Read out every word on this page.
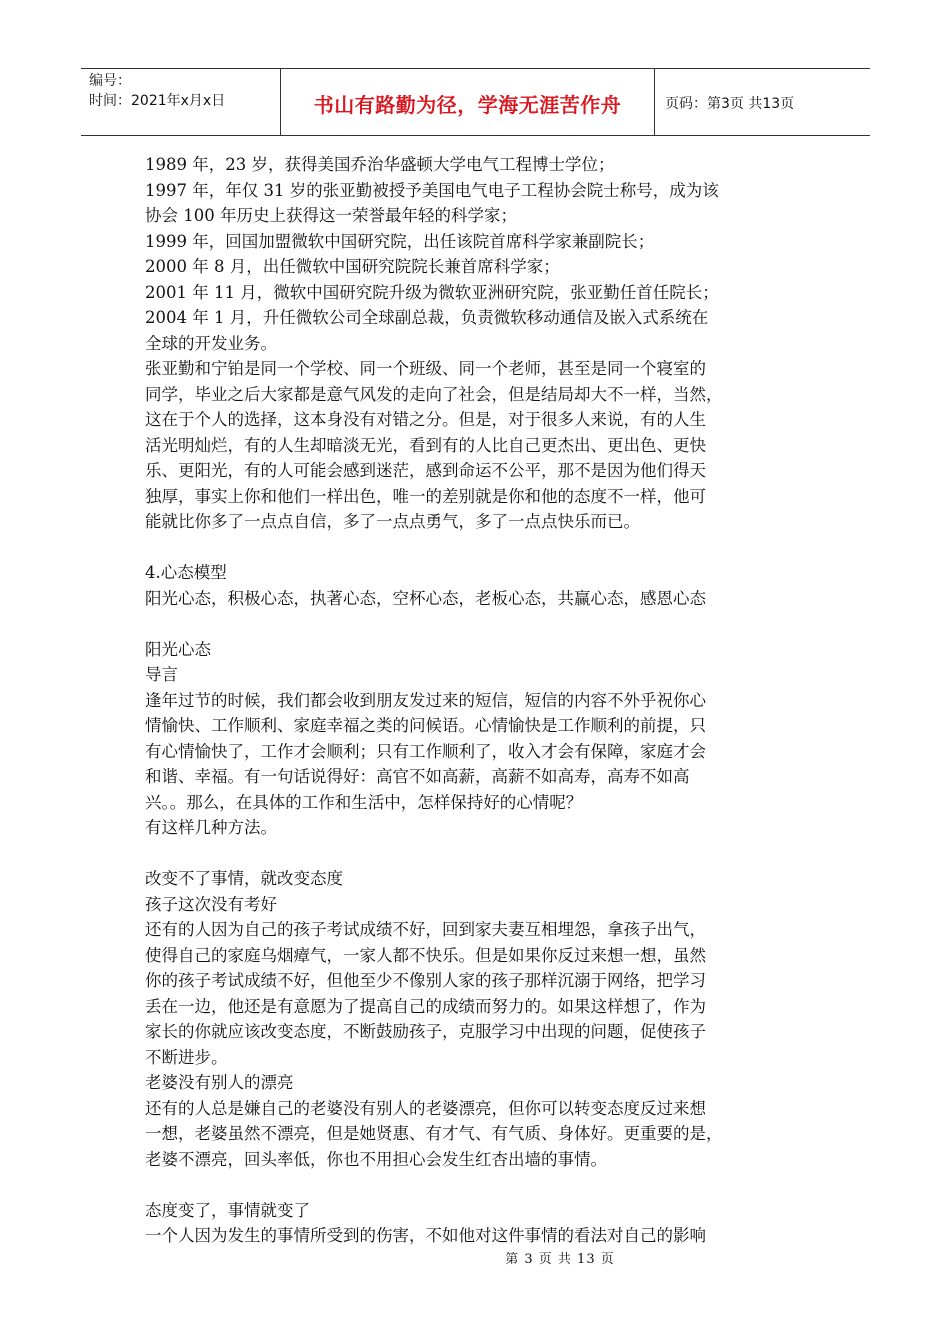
编号：
时间：2021年x月x日	书山有路勤为径，学海无涯苦作舟	页码：第3页 共13页

1989 年，23 岁，获得美国乔治华盛顿大学电气工程博士学位；

1997 年，年仅 31 岁的张亚勤被授予美国电气电子工程协会院士称号，成为该

协会 100 年历史上获得这一荣誉最年轻的科学家；

1999 年，回国加盟微软中国研究院，出任该院首席科学家兼副院长；

2000 年 8 月，出任微软中国研究院院长兼首席科学家；

2001 年 11 月，微软中国研究院升级为微软亚洲研究院，张亚勤任首任院长；

2004 年 1 月，升任微软公司全球副总裁，负责微软移动通信及嵌入式系统在

全球的开发业务。

张亚勤和宁铂是同一个学校、同一个班级、同一个老师，甚至是同一个寝室的

同学，毕业之后大家都是意气风发的走向了社会，但是结局却大不一样，当然，

这在于个人的选择，这本身没有对错之分。但是，对于很多人来说，有的人生

活光明灿烂，有的人生却暗淡无光，看到有的人比自己更杰出、更出色、更快

乐、更阳光，有的人可能会感到迷茫，感到命运不公平，那不是因为他们得天

独厚，事实上你和他们一样出色，唯一的差别就是你和他的态度不一样，他可

能就比你多了一点点自信，多了一点点勇气，多了一点点快乐而已。

4.心态模型

阳光心态，积极心态，执著心态，空杯心态，老板心态，共赢心态，感恩心态

阳光心态

导言

逢年过节的时候，我们都会收到朋友发过来的短信，短信的内容不外乎祝你心

情愉快、工作顺利、家庭幸福之类的问候语。心情愉快是工作顺利的前提，只

有心情愉快了，工作才会顺利；只有工作顺利了，收入才会有保障，家庭才会

和谐、幸福。有一句话说得好：高官不如高薪，高薪不如高寿，高寿不如高

兴。。那么，在具体的工作和生活中，怎样保持好的心情呢？

有这样几种方法。

改变不了事情，就改变态度

孩子这次没有考好

还有的人因为自己的孩子考试成绩不好，回到家夫妻互相埋怨，拿孩子出气，

使得自己的家庭乌烟瘴气，一家人都不快乐。但是如果你反过来想一想，虽然

你的孩子考试成绩不好，但他至少不像别人家的孩子那样沉溺于网络，把学习

丢在一边，他还是有意愿为了提高自己的成绩而努力的。如果这样想了，作为

家长的你就应该改变态度，不断鼓励孩子，克服学习中出现的问题，促使孩子

不断进步。

老婆没有别人的漂亮

还有的人总是嫌自己的老婆没有别人的老婆漂亮，但你可以转变态度反过来想

一想，老婆虽然不漂亮，但是她贤惠、有才气、有气质、身体好。更重要的是，

老婆不漂亮，回头率低，你也不用担心会发生红杏出墙的事情。

态度变了，事情就变了

一个人因为发生的事情所受到的伤害，不如他对这件事情的看法对自己的影响

第 3 页 共 13 页
